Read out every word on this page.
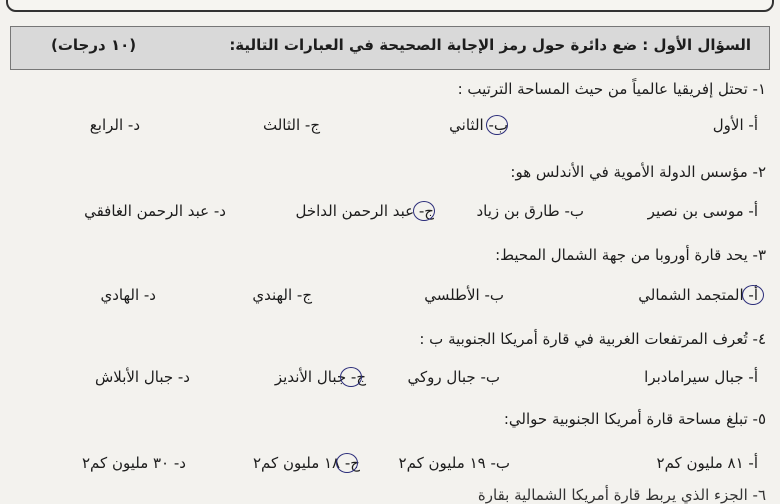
السؤال الأول : ضع دائرة حول رمز الإجابة الصحيحة في العبارات التالية:
(١٠ درجات)
١- تحتل إفريقيا عالمياً من حيث المساحة الترتيب :
أ- الأول
ب- الثاني
ج- الثالث
د- الرابع
٢- مؤسس الدولة الأموية في الأندلس هو:
أ- موسى بن نصير
ب- طارق بن زياد
ج- عبد الرحمن الداخل
د- عبد الرحمن الغافقي
٣- يحد قارة أوروبا من جهة الشمال المحيط:
أ- المتجمد الشمالي
ب- الأطلسي
ج- الهندي
د- الهادي
٤- تُعرف المرتفعات الغربية في قارة أمريكا الجنوبية ب :
أ- جبال سيرامادبرا
ب- جبال روكي
ج- جبال الأنديز
د- جبال الأبلاش
٥- تبلغ مساحة قارة أمريكا الجنوبية حوالي:
أ- ٨١ مليون كم٢
ب- ١٩ مليون كم٢
ج- ١٨ مليون كم٢
د- ٣٠ مليون كم٢
٦- الجزء الذي يربط قارة أمريكا الشمالية بقارة
